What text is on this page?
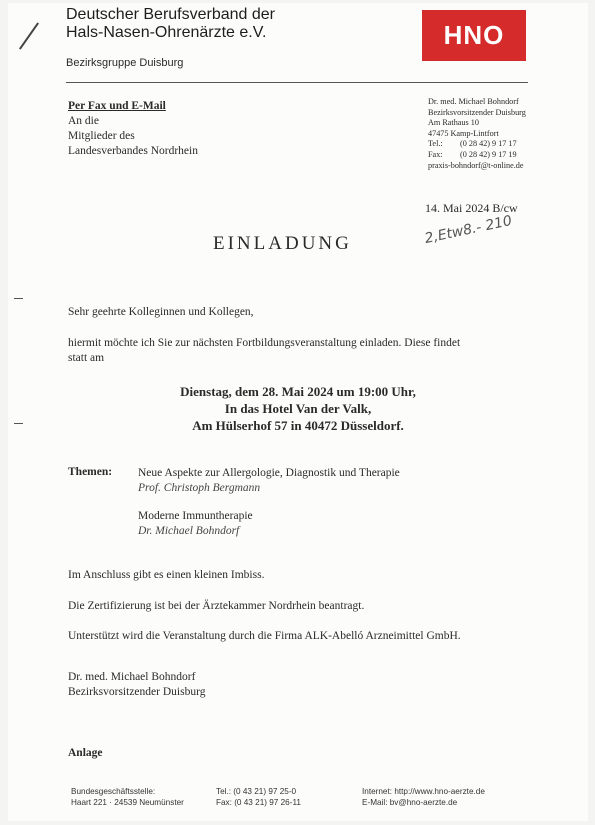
Deutscher Berufsverband der
Hals-Nasen-Ohrenärzte e.V.
Bezirksgruppe Duisburg
HNO
Per Fax und E-Mail
An die
Mitglieder des
Landesverbandes Nordrhein
Dr. med. Michael Bohndorf
Bezirksvorsitzender Duisburg
Am Rathaus 10
47475 Kamp-Lintfort
Tel.:	(0 28 42) 9 17 17
Fax:	(0 28 42) 9 17 19
praxis-bohndorf@t-online.de
14. Mai 2024 B/cw
2,Etw8.- 210
EINLADUNG
Sehr geehrte Kolleginnen und Kollegen,
hiermit möchte ich Sie zur nächsten Fortbildungsveranstaltung einladen. Diese findet
statt am
Dienstag, dem 28. Mai 2024 um 19:00 Uhr,
In das Hotel Van der Valk,
Am Hülserhof 57 in 40472 Düsseldorf.
Themen: Neue Aspekte zur Allergologie, Diagnostik und Therapie
Prof. Christoph Bergmann
Moderne Immuntherapie
Dr. Michael Bohndorf
Im Anschluss gibt es einen kleinen Imbiss.
Die Zertifizierung ist bei der Ärztekammer Nordrhein beantragt.
Unterstützt wird die Veranstaltung durch die Firma ALK-Abelló Arzneimittel GmbH.
Dr. med. Michael Bohndorf
Bezirksvorsitzender Duisburg
Anlage
Bundesgeschäftsstelle:
Haart 221 · 24539 Neumünster
Tel.: (0 43 21) 97 25-0
Fax: (0 43 21) 97 26-11
Internet: http://www.hno-aerzte.de
E-Mail: bv@hno-aerzte.de
